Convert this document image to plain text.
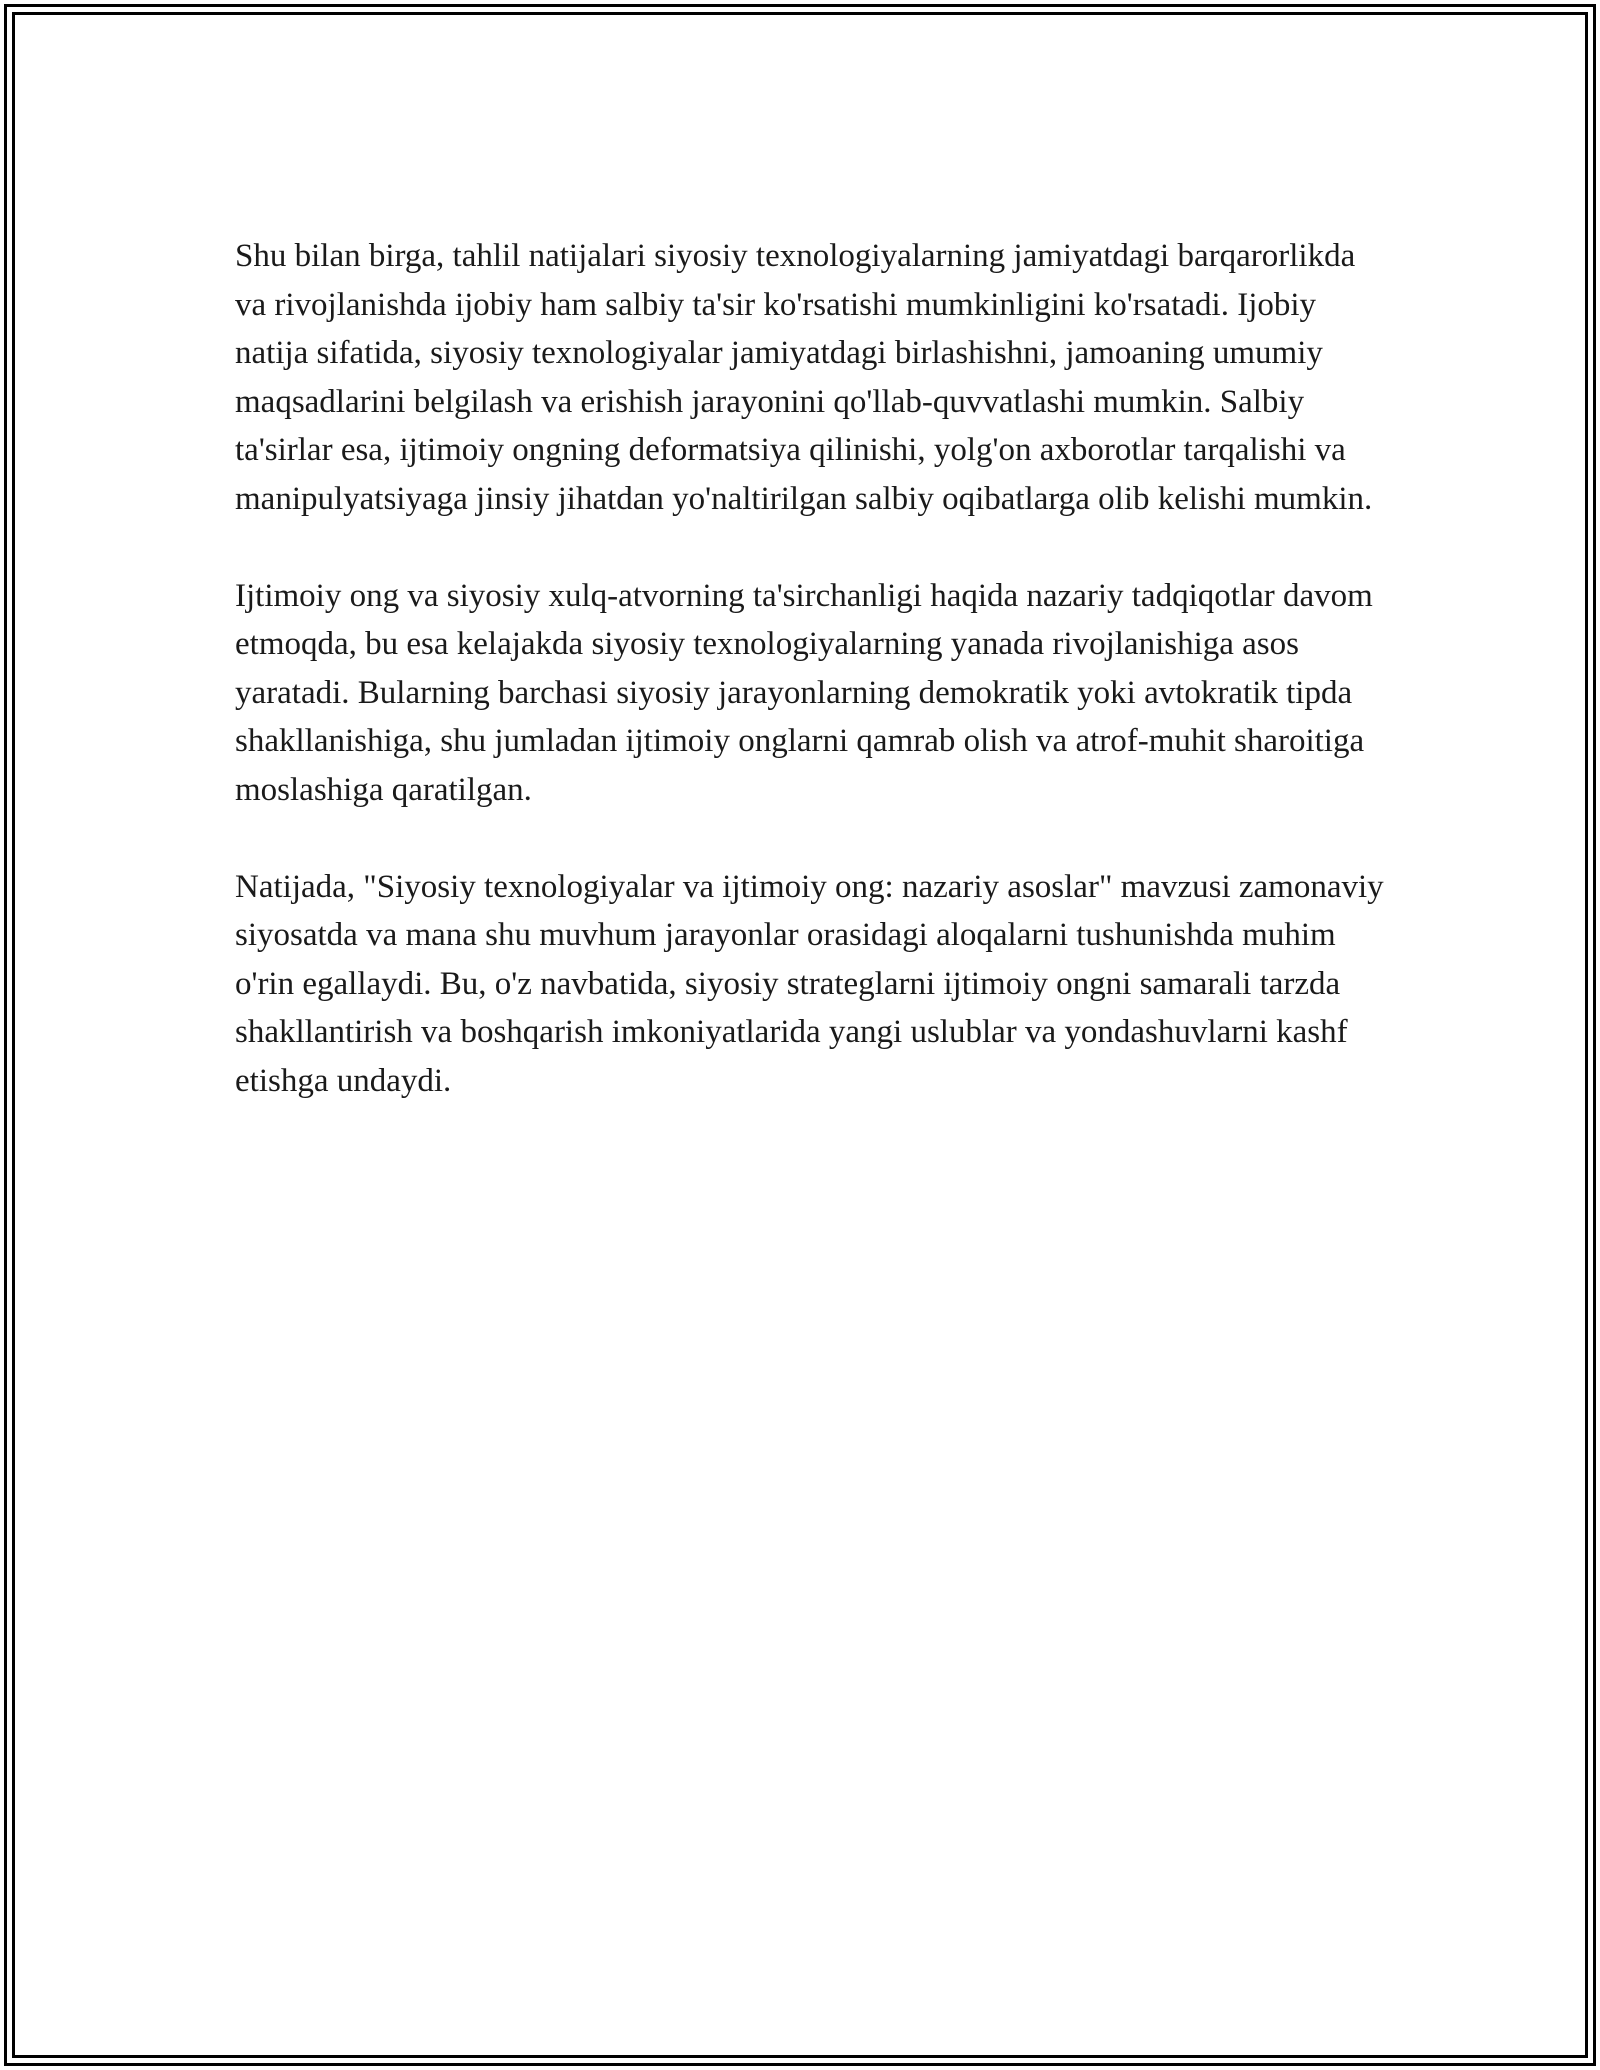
Shu bilan birga, tahlil natijalari siyosiy texnologiyalarning jamiyatdagi barqarorlikda va rivojlanishda ijobiy ham salbiy ta'sir ko'rsatishi mumkinligini ko'rsatadi. Ijobiy natija sifatida, siyosiy texnologiyalar jamiyatdagi birlashishni, jamoaning umumiy maqsadlarini belgilash va erishish jarayonini qo'llab-quvvatlashi mumkin. Salbiy ta'sirlar esa, ijtimoiy ongning deformatsiya qilinishi, yolg'on axborotlar tarqalishi va manipulyatsiyaga jinsiy jihatdan yo'naltirilgan salbiy oqibatlarga olib kelishi mumkin.

Ijtimoiy ong va siyosiy xulq-atvorning ta'sirchanligi haqida nazariy tadqiqotlar davom etmoqda, bu esa kelajakda siyosiy texnologiyalarning yanada rivojlanishiga asos yaratadi. Bularning barchasi siyosiy jarayonlarning demokratik yoki avtokratik tipda shakllanishiga, shu jumladan ijtimoiy onglarni qamrab olish va atrof-muhit sharoitiga moslashiga qaratilgan.

Natijada, "Siyosiy texnologiyalar va ijtimoiy ong: nazariy asoslar" mavzusi zamonaviy siyosatda va mana shu muvhum jarayonlar orasidagi aloqalarni tushunishda muhim o'rin egallaydi. Bu, o'z navbatida, siyosiy strateglarni ijtimoiy ongni samarali tarzda shakllantirish va boshqarish imkoniyatlarida yangi uslublar va yondashuvlarni kashf etishga undaydi.
